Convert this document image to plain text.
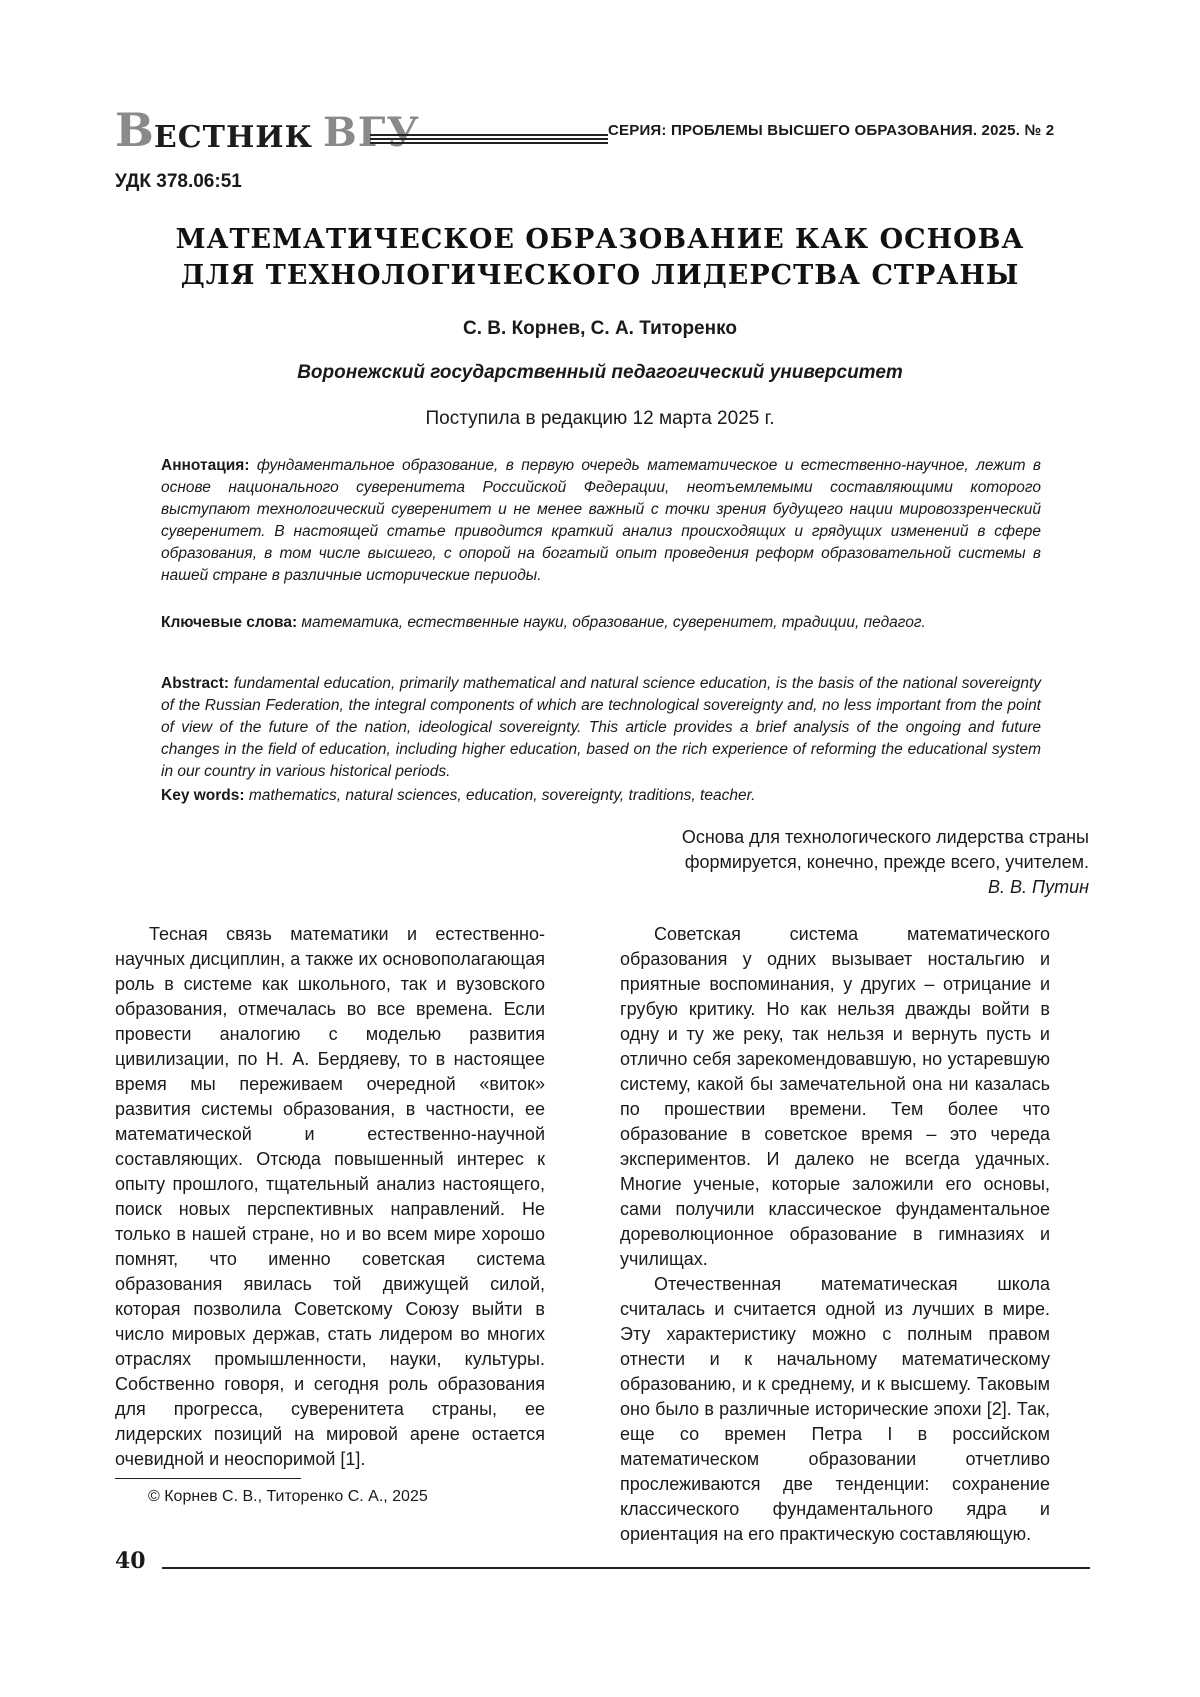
В ЕСТНИК ВГУ	СЕРИЯ: ПРОБЛЕМЫ ВЫСШЕГО ОБРАЗОВАНИЯ. 2025. № 2
УДК 378.06:51
МАТЕМАТИЧЕСКОЕ ОБРАЗОВАНИЕ КАК ОСНОВА
ДЛЯ ТЕХНОЛОГИЧЕСКОГО ЛИДЕРСТВА СТРАНЫ
С. В. Корнев, С. А. Титоренко
Воронежский государственный педагогический университет
Поступила в редакцию 12 марта 2025 г.
Аннотация: фундаментальное образование, в первую очередь математическое и естественно-научное, лежит в основе национального суверенитета Российской Федерации, неотъемлемыми составляющими которого выступают технологический суверенитет и не менее важный с точки зрения будущего нации мировоззренческий суверенитет. В настоящей статье приводится краткий анализ происходящих и грядущих изменений в сфере образования, в том числе высшего, с опорой на богатый опыт проведения реформ образовательной системы в нашей стране в различные исторические периоды.
Ключевые слова: математика, естественные науки, образование, суверенитет, традиции, педагог.
Abstract: fundamental education, primarily mathematical and natural science education, is the basis of the national sovereignty of the Russian Federation, the integral components of which are technological sovereignty and, no less important from the point of view of the future of the nation, ideological sovereignty. This article provides a brief analysis of the ongoing and future changes in the field of education, including higher education, based on the rich experience of reforming the educational system in our country in various historical periods.
Key words: mathematics, natural sciences, education, sovereignty, traditions, teacher.
Основа для технологического лидерства страны
формируется, конечно, прежде всего, учителем.
В. В. Путин

Тесная связь математики и естественно-научных дисциплин, а также их основополагающая роль в системе как школьного, так и вузовского образования, отмечалась во все времена. Если провести аналогию с моделью развития цивилизации, по Н. А. Бердяеву, то в настоящее время мы переживаем очередной «виток» развития системы образования, в частности, ее математической и естественно-научной составляющих. Отсюда повышенный интерес к опыту прошлого, тщательный анализ настоящего, поиск новых перспективных направлений. Не только в нашей стране, но и во всем мире хорошо помнят, что именно советская система образования явилась той движущей силой, которая позволила Советскому Союзу выйти в число мировых держав, стать лидером во многих отраслях промышленности, науки, культуры. Собственно говоря, и сегодня роль образования для прогресса, суверенитета страны, ее лидерских позиций на мировой арене остается очевидной и неоспоримой [1].

Советская система математического образования у одних вызывает ностальгию и приятные воспоминания, у других – отрицание и грубую критику. Но как нельзя дважды войти в одну и ту же реку, так нельзя и вернуть пусть и отлично себя зарекомендовавшую, но устаревшую систему, какой бы замечательной она ни казалась по прошествии времени. Тем более что образование в советское время – это череда экспериментов. И далеко не всегда удачных. Многие ученые, которые заложили его основы, сами получили классическое фундаментальное дореволюционное образование в гимназиях и училищах.

Отечественная математическая школа считалась и считается одной из лучших в мире. Эту характеристику можно с полным правом отнести и к начальному математическому образованию, и к среднему, и к высшему. Таковым оно было в различные исторические эпохи [2]. Так, еще со времен Петра I в российском математическом образовании отчетливо прослеживаются две тенденции: сохранение классического фундаментального ядра и ориентация на его практическую составляющую.

© Корнев С. В., Титоренко С. А., 2025
40
